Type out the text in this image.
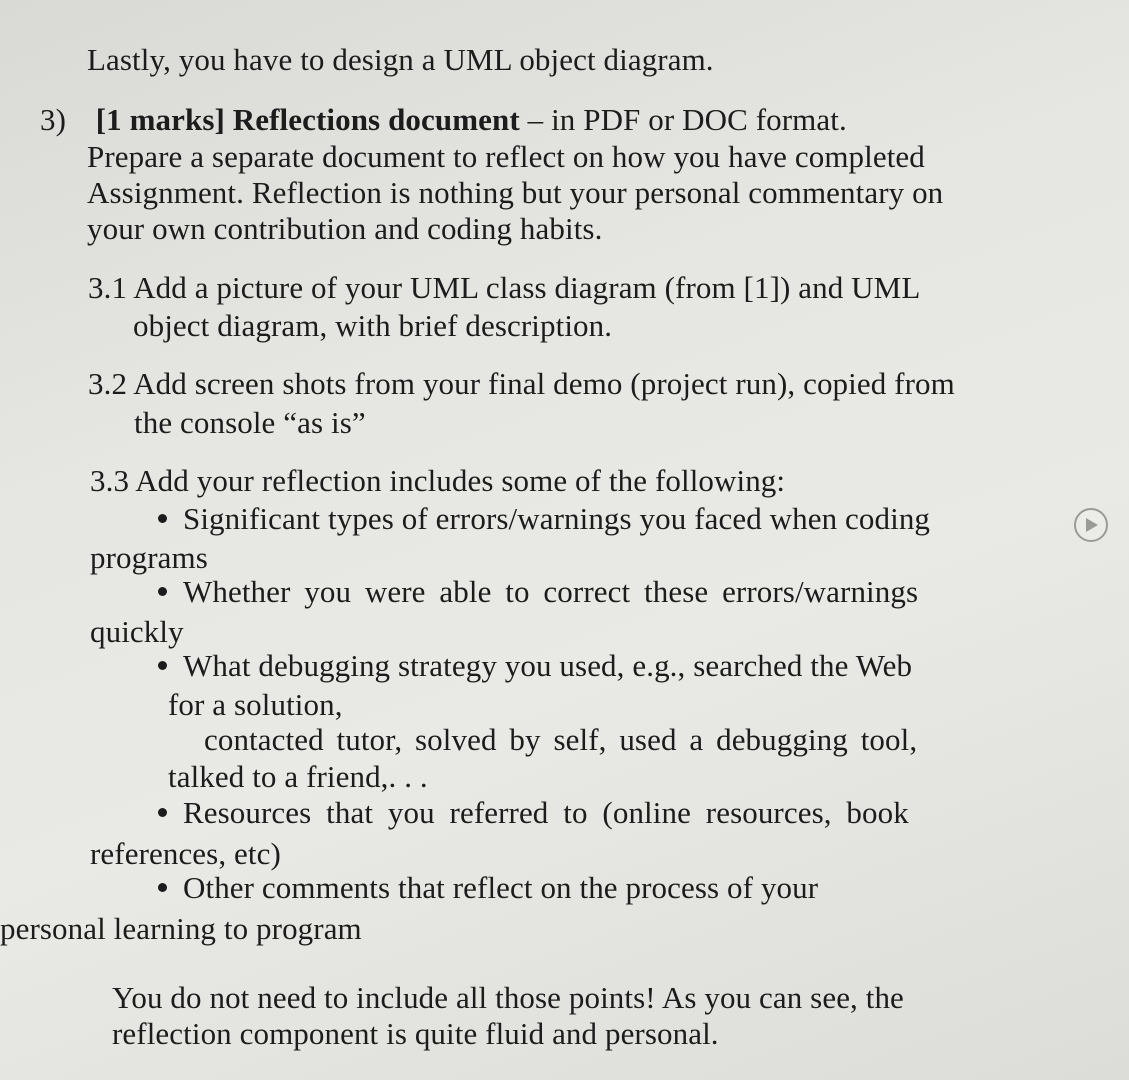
Lastly, you have to design a UML object diagram.
3) [1 marks] Reflections document – in PDF or DOC format.
Prepare a separate document to reflect on how you have completed
Assignment. Reflection is nothing but your personal commentary on
your own contribution and coding habits.
3.1 Add a picture of your UML class diagram (from [1]) and UML
object diagram, with brief description.
3.2 Add screen shots from your final demo (project run), copied from
the console “as is”
3.3 Add your reflection includes some of the following:
Significant types of errors/warnings you faced when coding
programs
Whether you were able to correct these errors/warnings
quickly
What debugging strategy you used, e.g., searched the Web
for a solution,
contacted tutor, solved by self, used a debugging tool,
talked to a friend,. . .
Resources that you referred to (online resources, book
references, etc)
Other comments that reflect on the process of your
personal learning to program
You do not need to include all those points! As you can see, the
reflection component is quite fluid and personal.
